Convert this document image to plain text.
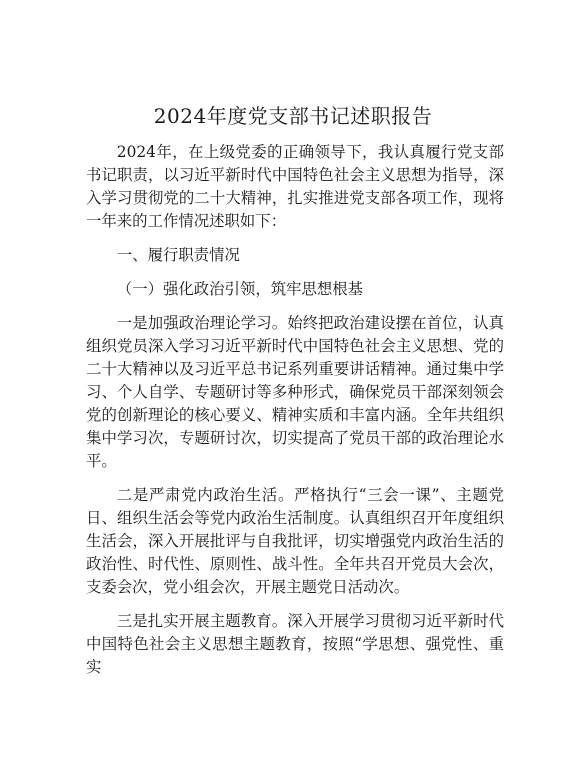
2024年度党支部书记述职报告

2024年，在上级党委的正确领导下，我认真履行党支部书记职责，以习近平新时代中国特色社会主义思想为指导，深入学习贯彻党的二十大精神，扎实推进党支部各项工作，现将一年来的工作情况述职如下：

一、履行职责情况

（一）强化政治引领，筑牢思想根基

一是加强政治理论学习。始终把政治建设摆在首位，认真组织党员深入学习习近平新时代中国特色社会主义思想、党的二十大精神以及习近平总书记系列重要讲话精神。通过集中学习、个人自学、专题研讨等多种形式，确保党员干部深刻领会党的创新理论的核心要义、精神实质和丰富内涵。全年共组织集中学习次，专题研讨次，切实提高了党员干部的政治理论水平。

二是严肃党内政治生活。严格执行“三会一课”、主题党日、组织生活会等党内政治生活制度。认真组织召开年度组织生活会，深入开展批评与自我批评，切实增强党内政治生活的政治性、时代性、原则性、战斗性。全年共召开党员大会次，支委会次，党小组会次，开展主题党日活动次。

三是扎实开展主题教育。深入开展学习贯彻习近平新时代中国特色社会主义思想主题教育，按照“学思想、强党性、重实
